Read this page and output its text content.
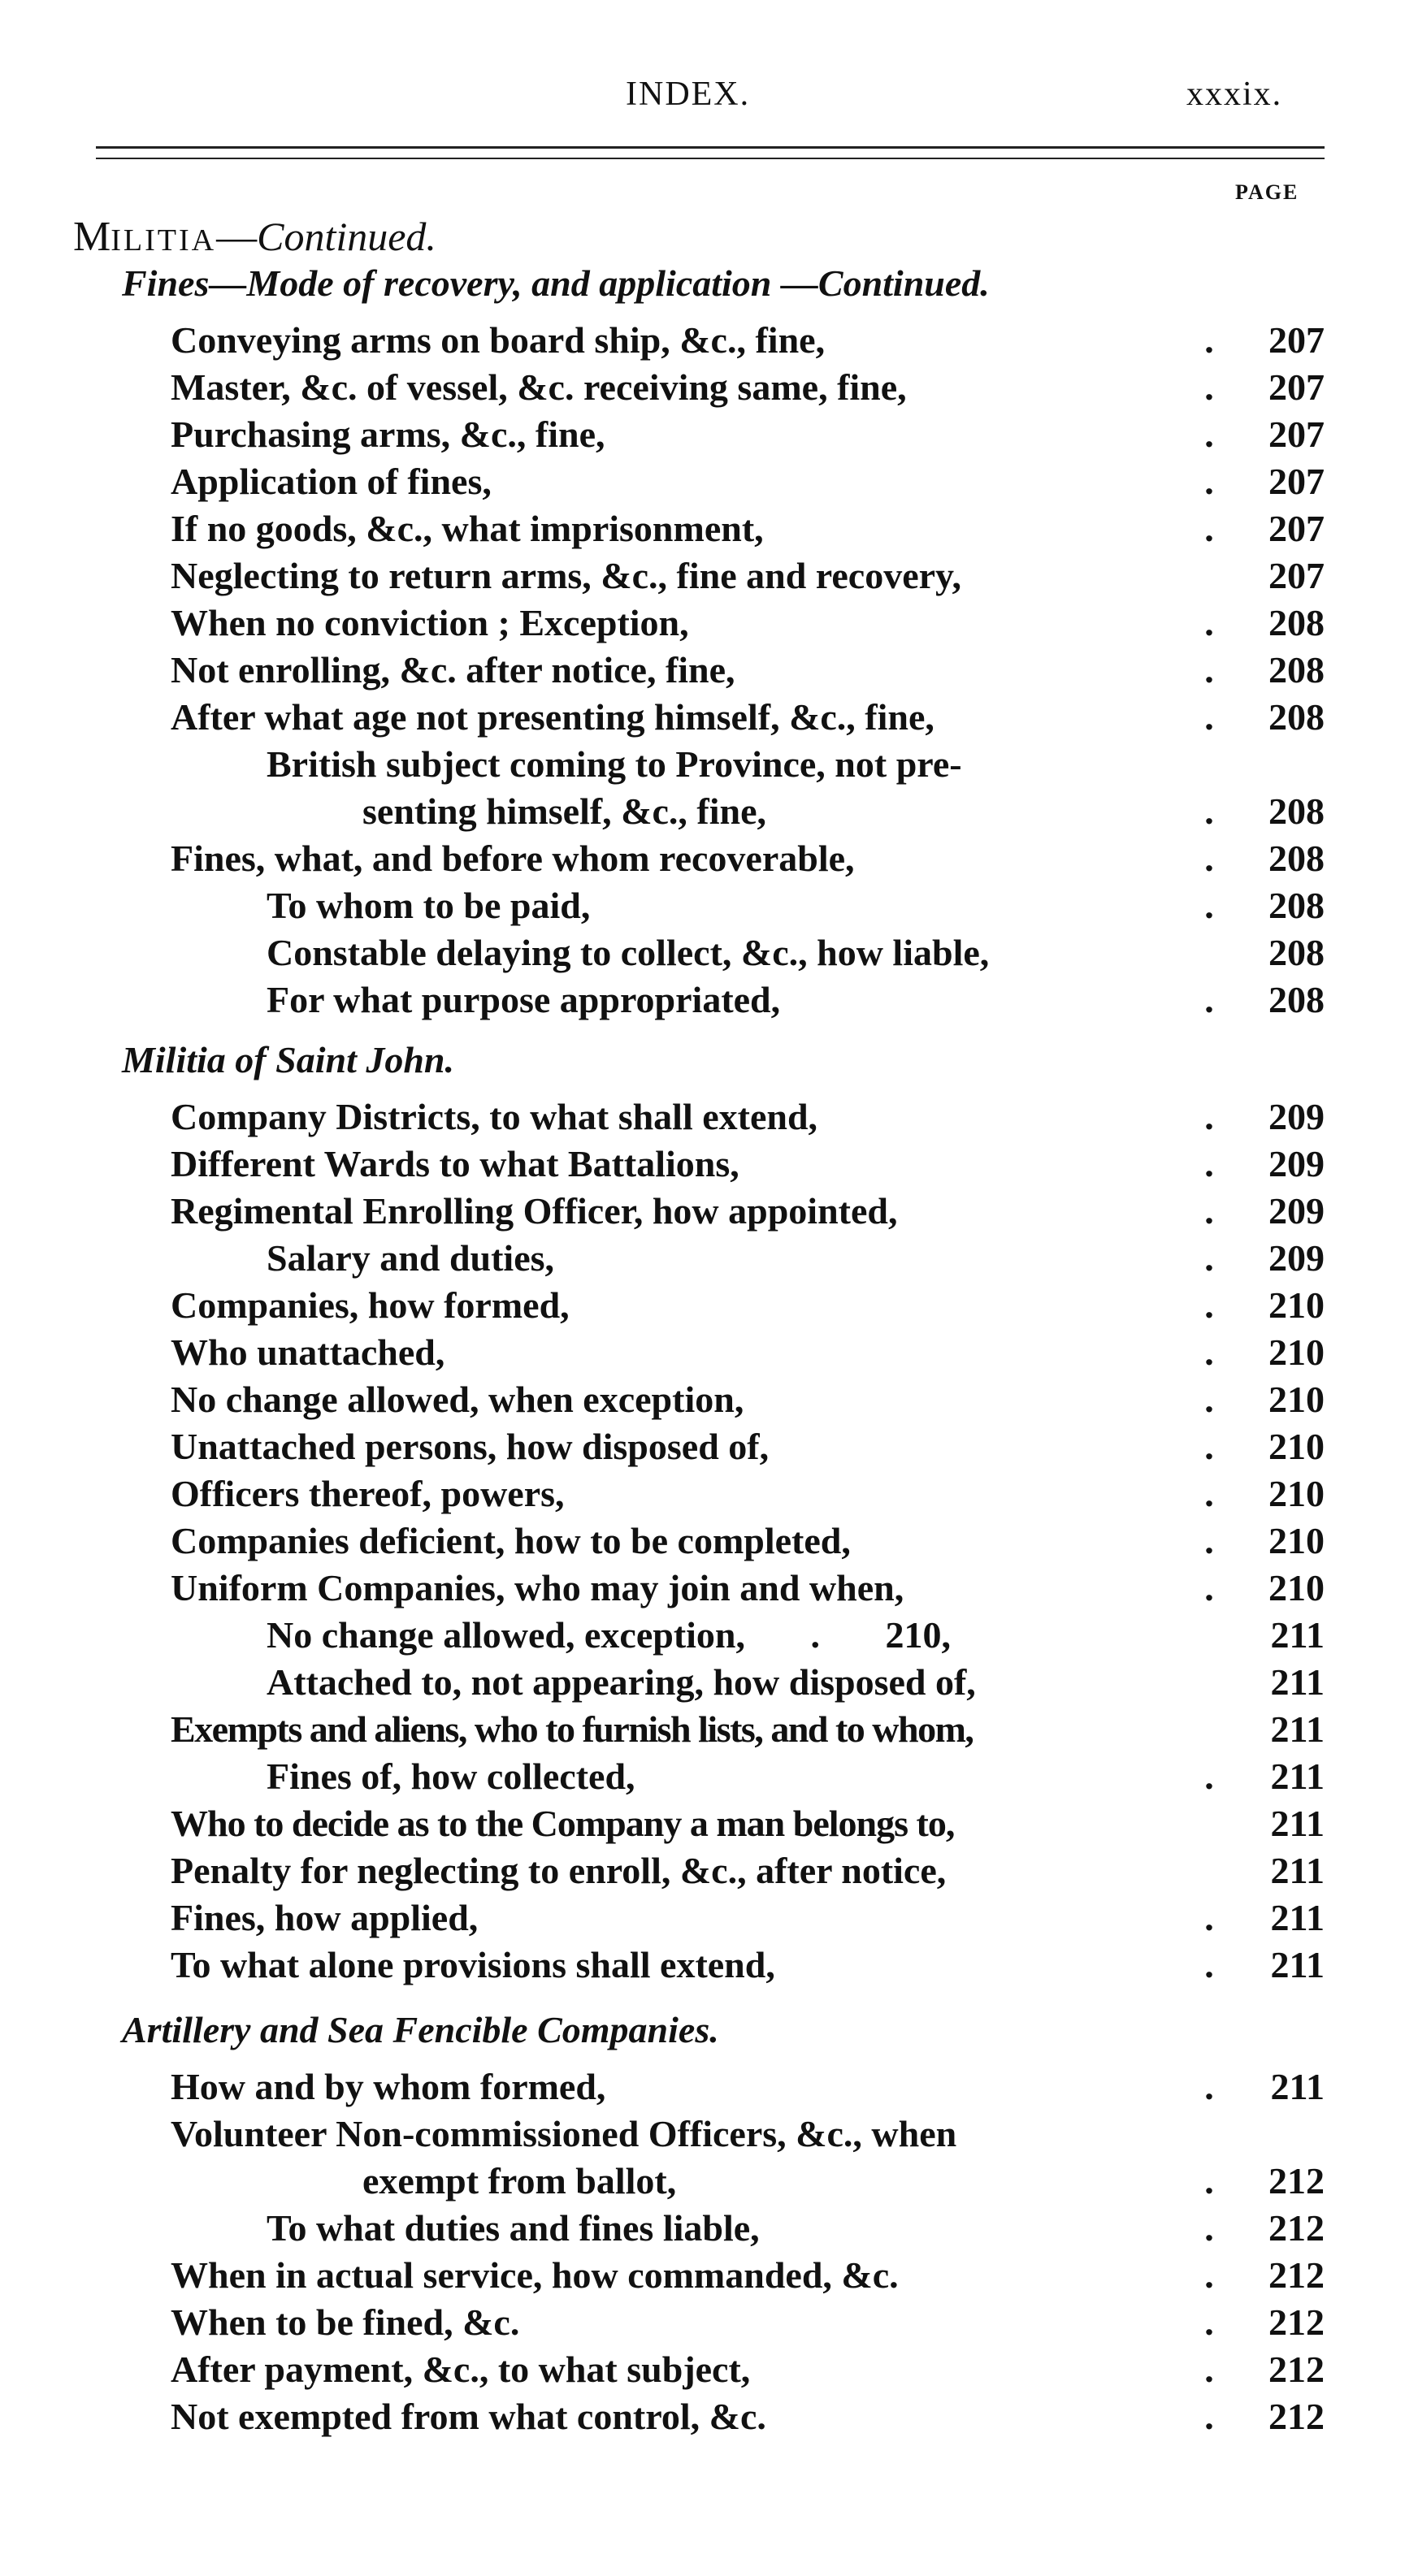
INDEX.	xxxix.
PAGE
MILITIA—Continued.
Fines—Mode of recovery, and application —Continued.
Conveying arms on board ship, &c., fine,	.	207
Master, &c. of vessel, &c. receiving same, fine,	.	207
Purchasing arms, &c., fine,	.	207
Application of fines,	.	207
If no goods, &c., what imprisonment,	.	207
Neglecting to return arms, &c., fine and recovery,	207
When no conviction ; Exception,	.	208
Not enrolling, &c. after notice, fine,	.	208
After what age not presenting himself, &c., fine,	.	208
British subject coming to Province, not pre-
senting himself, &c., fine,	.	208
Fines, what, and before whom recoverable,	.	208
To whom to be paid,	.	208
Constable delaying to collect, &c., how liable,	208
For what purpose appropriated,	.	208
Militia of Saint John.
Company Districts, to what shall extend,	.	209
Different Wards to what Battalions,	.	209
Regimental Enrolling Officer, how appointed,	.	209
Salary and duties,	.	209
Companies, how formed,	.	210
Who unattached,	.	210
No change allowed, when exception,	.	210
Unattached persons, how disposed of,	.	210
Officers thereof, powers,	.	210
Companies deficient, how to be completed,	.	210
Uniform Companies, who may join and when,	.	210
No change allowed, exception,       .       210,	211
Attached to, not appearing, how disposed of,	211
Exempts and aliens, who to furnish lists, and to whom,	211
Fines of, how collected,	.	211
Who to decide as to the Company a man belongs to,	211
Penalty for neglecting to enroll, &c., after notice,	211
Fines, how applied,	.	211
To what alone provisions shall extend,	.	211
Artillery and Sea Fencible Companies.
How and by whom formed,	.	211
Volunteer Non-commissioned Officers, &c., when
exempt from ballot,	.	212
To what duties and fines liable,	.	212
When in actual service, how commanded, &c.	.	212
When to be fined, &c.	.	212
After payment, &c., to what subject,	.	212
Not exempted from what control, &c.	.	212
